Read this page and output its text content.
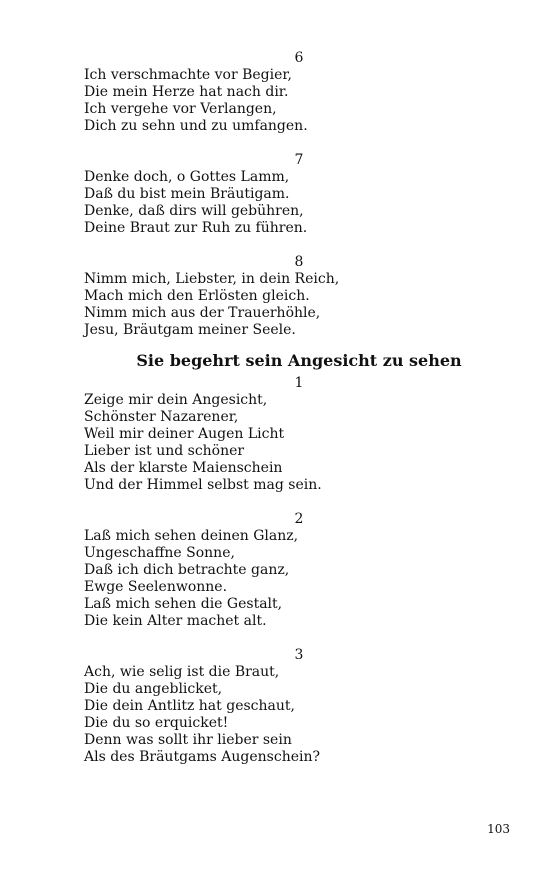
6
Ich verschmachte vor Begier,
Die mein Herze hat nach dir.
Ich vergehe vor Verlangen,
Dich zu sehn und zu umfangen.
7
Denke doch, o Gottes Lamm,
Daß du bist mein Bräutigam.
Denke, daß dirs will gebühren,
Deine Braut zur Ruh zu führen.
8
Nimm mich, Liebster, in dein Reich,
Mach mich den Erlösten gleich.
Nimm mich aus der Trauerhöhle,
Jesu, Bräutgam meiner Seele.
Sie begehrt sein Angesicht zu sehen
1
Zeige mir dein Angesicht,
Schönster Nazarener,
Weil mir deiner Augen Licht
Lieber ist und schöner
Als der klarste Maienschein
Und der Himmel selbst mag sein.
2
Laß mich sehen deinen Glanz,
Ungeschaffne Sonne,
Daß ich dich betrachte ganz,
Ewge Seelenwonne.
Laß mich sehen die Gestalt,
Die kein Alter machet alt.
3
Ach, wie selig ist die Braut,
Die du angeblicket,
Die dein Antlitz hat geschaut,
Die du so erquicket!
Denn was sollt ihr lieber sein
Als des Bräutgams Augenschein?
103
